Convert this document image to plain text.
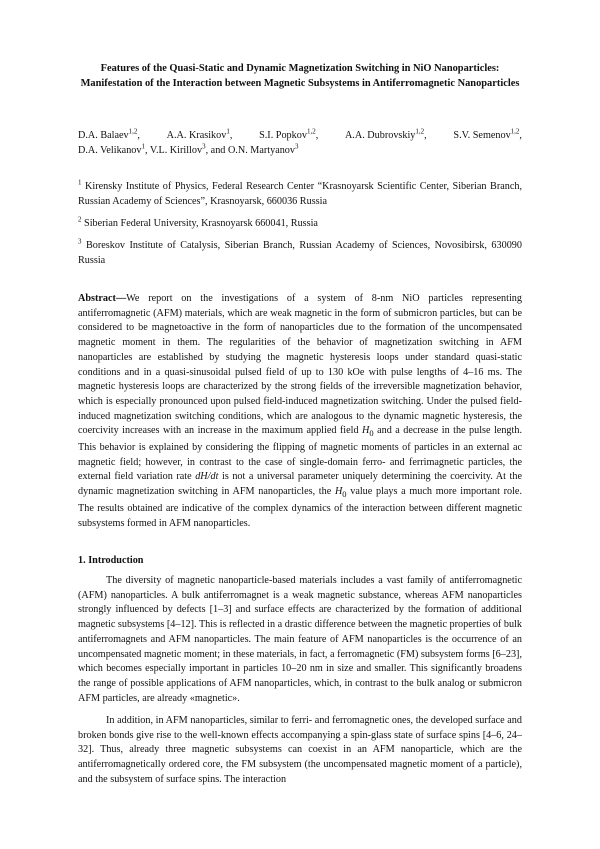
Features of the Quasi-Static and Dynamic Magnetization Switching in NiO Nanoparticles: Manifestation of the Interaction between Magnetic Subsystems in Antiferromagnetic Nanoparticles
D.A. Balaev$^{1,2}$,	A.A. Krasikov$^1$,	S.I. Popkov$^{1,2}$,	A.A. Dubrovskiy$^{1,2}$,	S.V. Semenov$^{1,2}$,
D.A. Velikanov$^1$, V.L. Kirillov$^3$, and O.N. Martyanov$^3$
$^1$ Kirensky Institute of Physics, Federal Research Center “Krasnoyarsk Scientific Center, Siberian Branch, Russian Academy of Sciences”, Krasnoyarsk, 660036 Russia
$^2$ Siberian Federal University, Krasnoyarsk 660041, Russia
$^3$ Boreskov Institute of Catalysis, Siberian Branch, Russian Academy of Sciences, Novosibirsk, 630090 Russia
Abstract—We report on the investigations of a system of 8-nm NiO particles representing antiferromagnetic (AFM) materials, which are weak magnetic in the form of submicron particles, but can be considered to be magnetoactive in the form of nanoparticles due to the formation of the uncompensated magnetic moment in them. The regularities of the behavior of magnetization switching in AFM nanoparticles are established by studying the magnetic hysteresis loops under standard quasi-static conditions and in a quasi-sinusoidal pulsed field of up to 130 kOe with pulse lengths of 4–16 ms. The magnetic hysteresis loops are characterized by the strong fields of the irreversible magnetization behavior, which is especially pronounced upon pulsed field-induced magnetization switching. Under the pulsed field-induced magnetization switching conditions, which are analogous to the dynamic magnetic hysteresis, the coercivity increases with an increase in the maximum applied field $H_0$ and a decrease in the pulse length. This behavior is explained by considering the flipping of magnetic moments of particles in an external ac magnetic field; however, in contrast to the case of single-domain ferro- and ferrimagnetic particles, the external field variation rate dH/dt is not a universal parameter uniquely determining the coercivity. At the dynamic magnetization switching in AFM nanoparticles, the $H_0$ value plays a much more important role. The results obtained are indicative of the complex dynamics of the interaction between different magnetic subsystems formed in AFM nanoparticles.
1. Introduction
The diversity of magnetic nanoparticle-based materials includes a vast family of antiferromagnetic (AFM) nanoparticles. A bulk antiferromagnet is a weak magnetic substance, whereas AFM nanoparticles strongly influenced by defects [1–3] and surface effects are characterized by the formation of additional magnetic subsystems [4–12]. This is reflected in a drastic difference between the magnetic properties of bulk antiferromagnets and AFM nanoparticles. The main feature of AFM nanoparticles is the occurrence of an uncompensated magnetic moment; in these materials, in fact, a ferromagnetic (FM) subsystem forms [6–23], which becomes especially important in particles 10–20 nm in size and smaller. This significantly broadens the range of possible applications of AFM nanoparticles, which, in contrast to the bulk analog or submicron AFM particles, are already «magnetic».
In addition, in AFM nanoparticles, similar to ferri- and ferromagnetic ones, the developed surface and broken bonds give rise to the well-known effects accompanying a spin-glass state of surface spins [4–6, 24–32]. Thus, already three magnetic subsystems can coexist in an AFM nanoparticle, which are the antiferromagnetically ordered core, the FM subsystem (the uncompensated magnetic moment of a particle), and the subsystem of surface spins. The interaction
